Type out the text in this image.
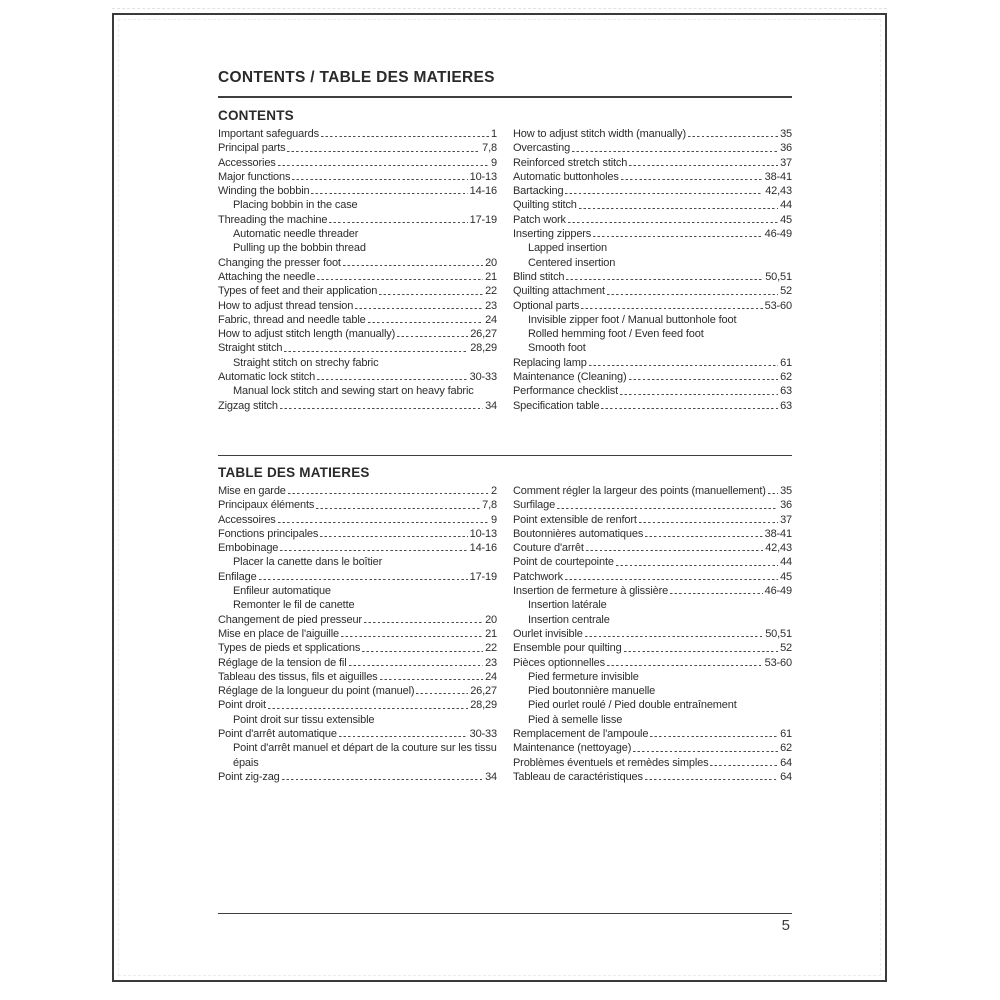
CONTENTS / TABLE DES MATIERES
CONTENTS
Important safeguards	1
Principal parts	7,8
Accessories	9
Major functions	10-13
Winding the bobbin	14-16
Placing bobbin in the case
Threading the machine	17-19
Automatic needle threader
Pulling up the bobbin thread
Changing the presser foot	20
Attaching the needle	21
Types of feet and their application	22
How to adjust thread tension	23
Fabric, thread and needle table	24
How to adjust stitch length (manually)	26,27
Straight stitch	28,29
Straight stitch on strechy fabric
Automatic lock stitch	30-33
Manual lock stitch and sewing start on heavy fabric
Zigzag stitch	34
How to adjust stitch width (manually)	35
Overcasting	36
Reinforced stretch stitch	37
Automatic buttonholes	38-41
Bartacking	42,43
Quilting stitch	44
Patch work	45
Inserting zippers	46-49
Lapped insertion
Centered insertion
Blind stitch	50,51
Quilting attachment	52
Optional parts	53-60
Invisible zipper foot / Manual buttonhole foot
Rolled hemming foot / Even feed foot
Smooth foot
Replacing lamp	61
Maintenance (Cleaning)	62
Performance checklist	63
Specification table	63
TABLE DES MATIERES
Mise en garde	2
Principaux éléments	7,8
Accessoires	9
Fonctions principales	10-13
Embobinage	14-16
Placer la canette dans le boîtier
Enfilage	17-19
Enfileur automatique
Remonter le fil de canette
Changement de pied presseur	20
Mise en place de l'aiguille	21
Types de pieds et spplications	22
Réglage de la tension de fil	23
Tableau des tissus, fils et aiguilles	24
Réglage de la longueur du point (manuel)	26,27
Point droit	28,29
Point droit sur tissu extensible
Point d'arrêt automatique	30-33
Point d'arrêt manuel et départ de la couture sur les tissu épais
Point zig-zag	34
Comment régler la largeur des points (manuellement) 35
Surfilage	36
Point extensible de renfort	37
Boutonnières automatiques	38-41
Couture d'arrêt	42,43
Point de courtepointe	44
Patchwork	45
Insertion de fermeture à glissière	46-49
Insertion latérale
Insertion centrale
Ourlet invisible	50,51
Ensemble pour quilting	52
Pièces optionnelles	53-60
Pied fermeture invisible
Pied boutonnière manuelle
Pied ourlet roulé / Pied double entraînement
Pied à semelle lisse
Remplacement de l'ampoule	61
Maintenance (nettoyage)	62
Problèmes éventuels et remèdes simples	64
Tableau de caractéristiques	64
5
